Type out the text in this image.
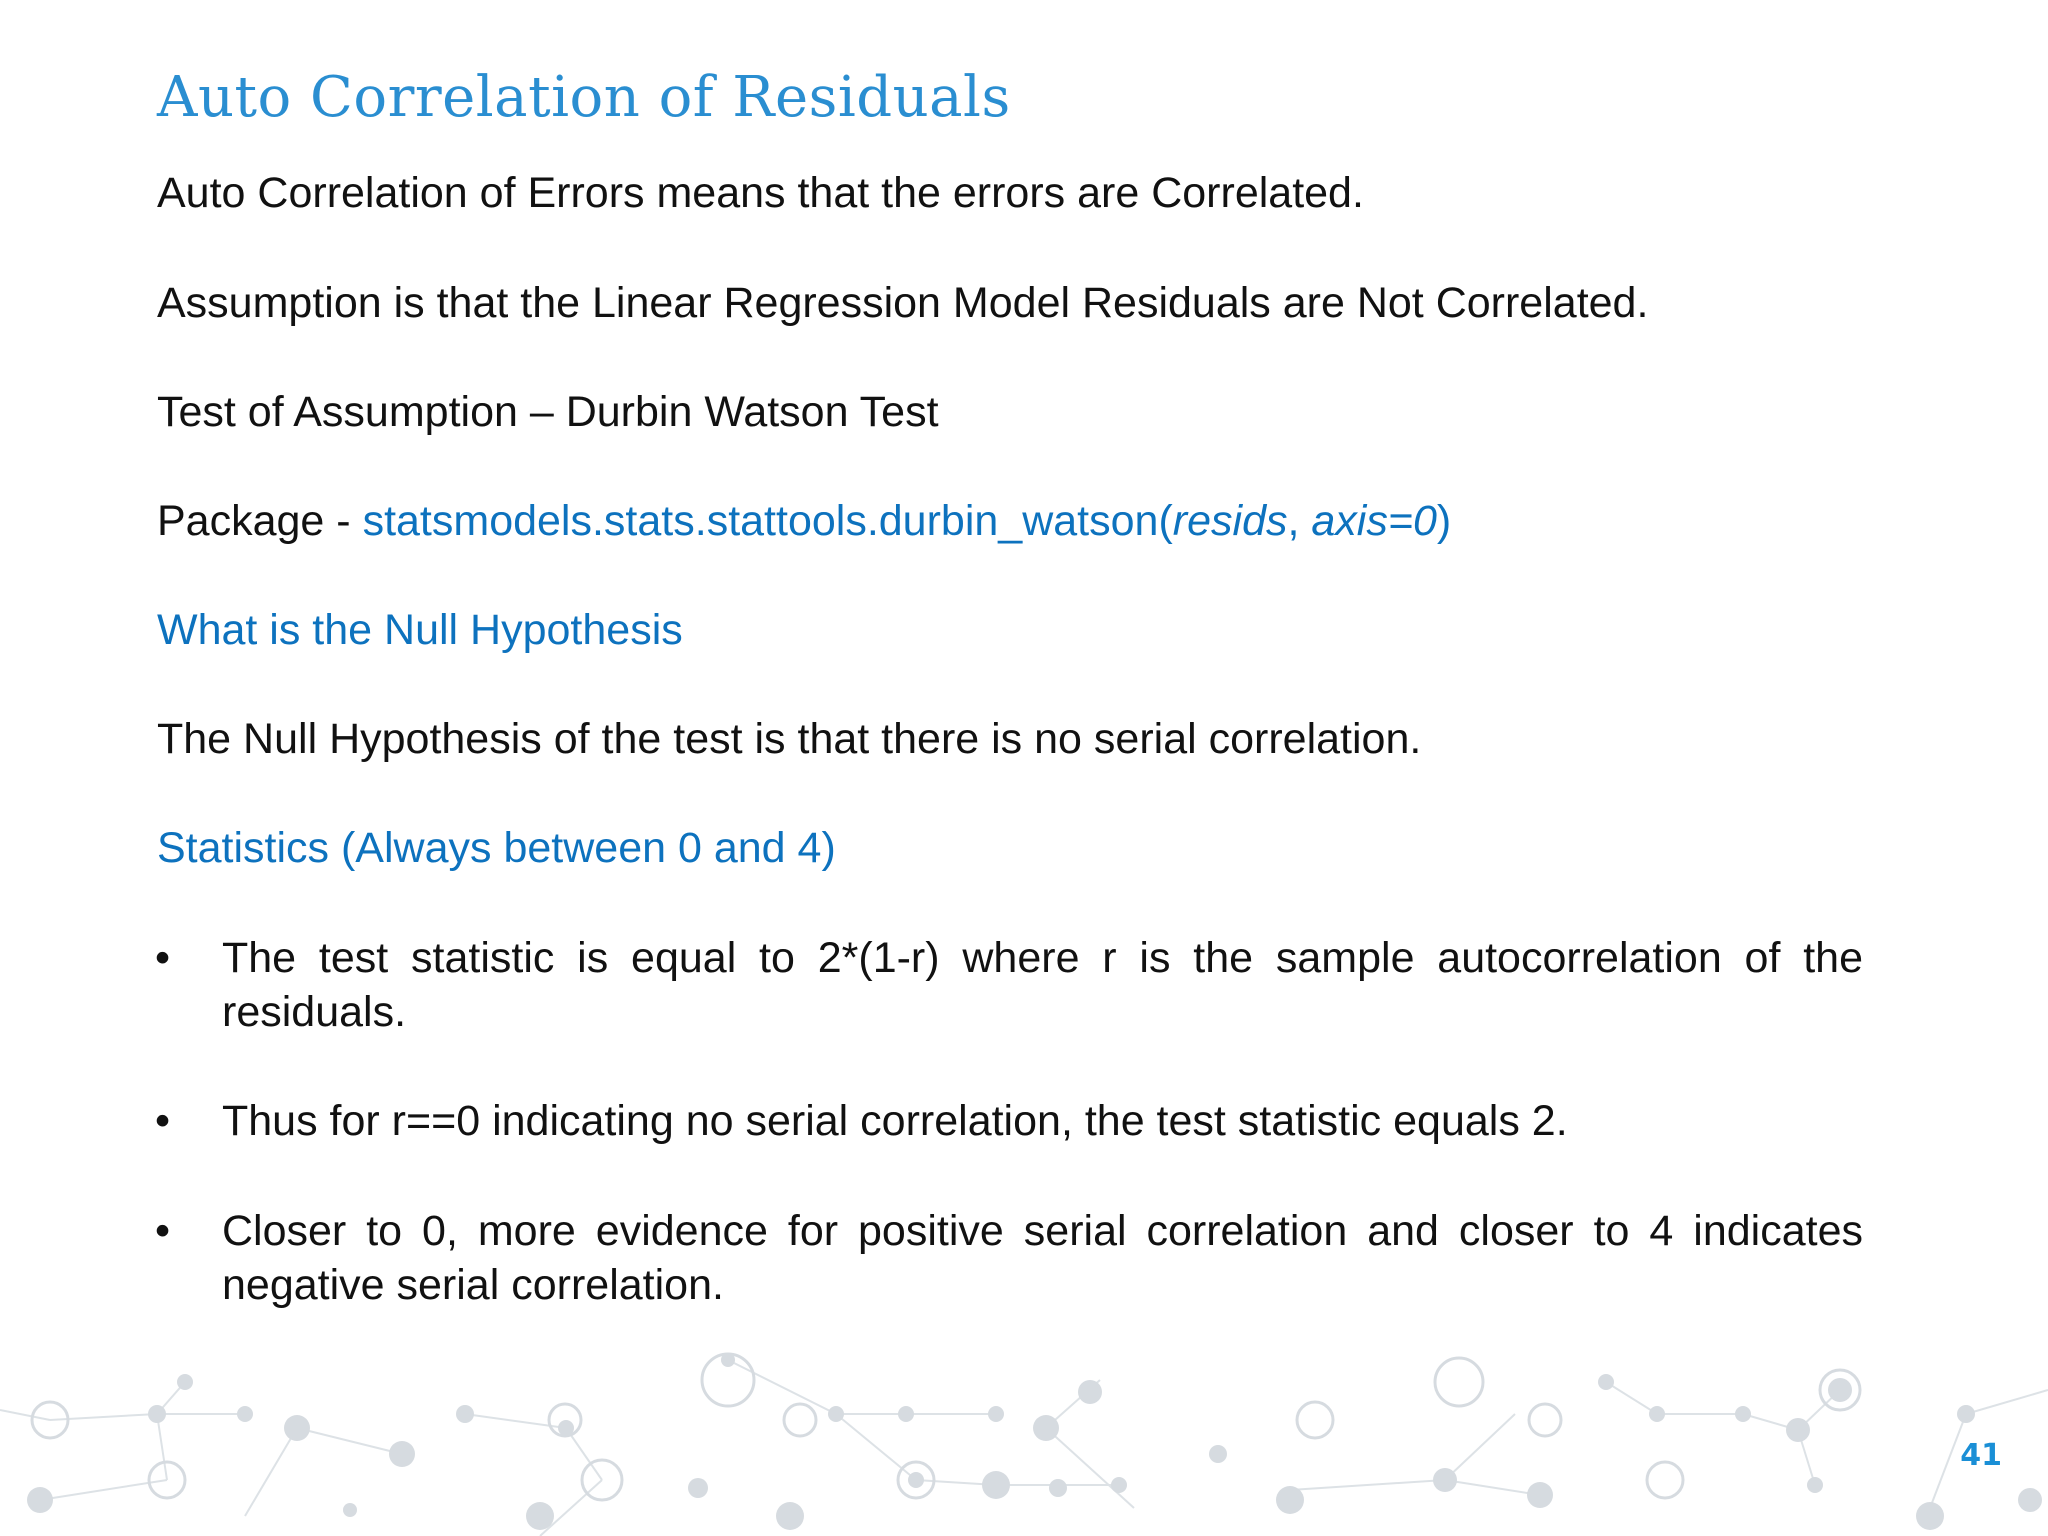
Auto Correlation of Residuals

Auto Correlation of Errors means that the errors are Correlated.

Assumption is that the Linear Regression Model Residuals are Not Correlated.

Test of Assumption – Durbin Watson Test

Package - statsmodels.stats.stattools.durbin_watson(resids, axis=0)

What is the Null Hypothesis

The Null Hypothesis of the test is that there is no serial correlation.

Statistics (Always between 0 and 4)

•	The test statistic is equal to 2*(1-r) where r is the sample autocorrelation of the residuals.
•	Thus for r==0 indicating no serial correlation, the test statistic equals 2.
•	Closer to 0, more evidence for positive serial correlation and closer to 4 indicates negative serial correlation.
41
